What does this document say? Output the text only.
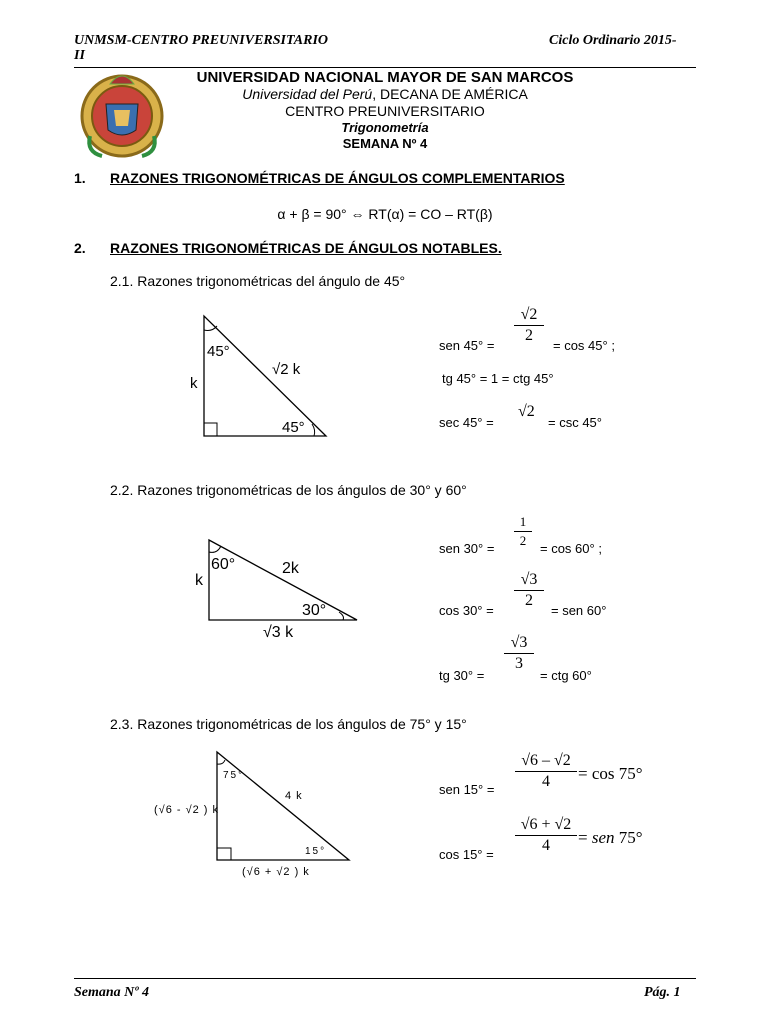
UNMSM-CENTRO PREUNIVERSITARIO
II
Ciclo Ordinario 2015-
UNIVERSIDAD NACIONAL MAYOR DE SAN MARCOS
Universidad del Perú, DECANA DE AMÉRICA
CENTRO PREUNIVERSITARIO
Trigonometría
SEMANA Nº 4
1. RAZONES TRIGONOMÉTRICAS DE ÁNGULOS COMPLEMENTARIOS
α + β = 90° ⇔ RT(α) = CO – RT(β)
2. RAZONES TRIGONOMÉTRICAS DE ÁNGULOS NOTABLES.
2.1. Razones trigonométricas del ángulo de 45°
45°
k
√2 k
45°
sen 45° =
√2
2
= cos 45° ;
tg 45° = 1 = ctg 45°
sec 45° =
√2
= csc 45°
2.2. Razones trigonométricas de los ángulos de 30° y 60°
60°
k
2k
30°
√3 k
sen 30° =
1
2
= cos 60° ;
cos 30° =
√3
2
= sen 60°
tg 30° =
√3
3
= ctg 60°
2.3. Razones trigonométricas de los ángulos de 75° y 15°
75°
(√6 - √2 ) k
4 k
15°
(√6 + √2 ) k
sen 15° =
√6 – √2
4	= cos 75°
cos 15° =
√6 + √2
4	= sen 75°
Semana Nº 4	Pág. 1
